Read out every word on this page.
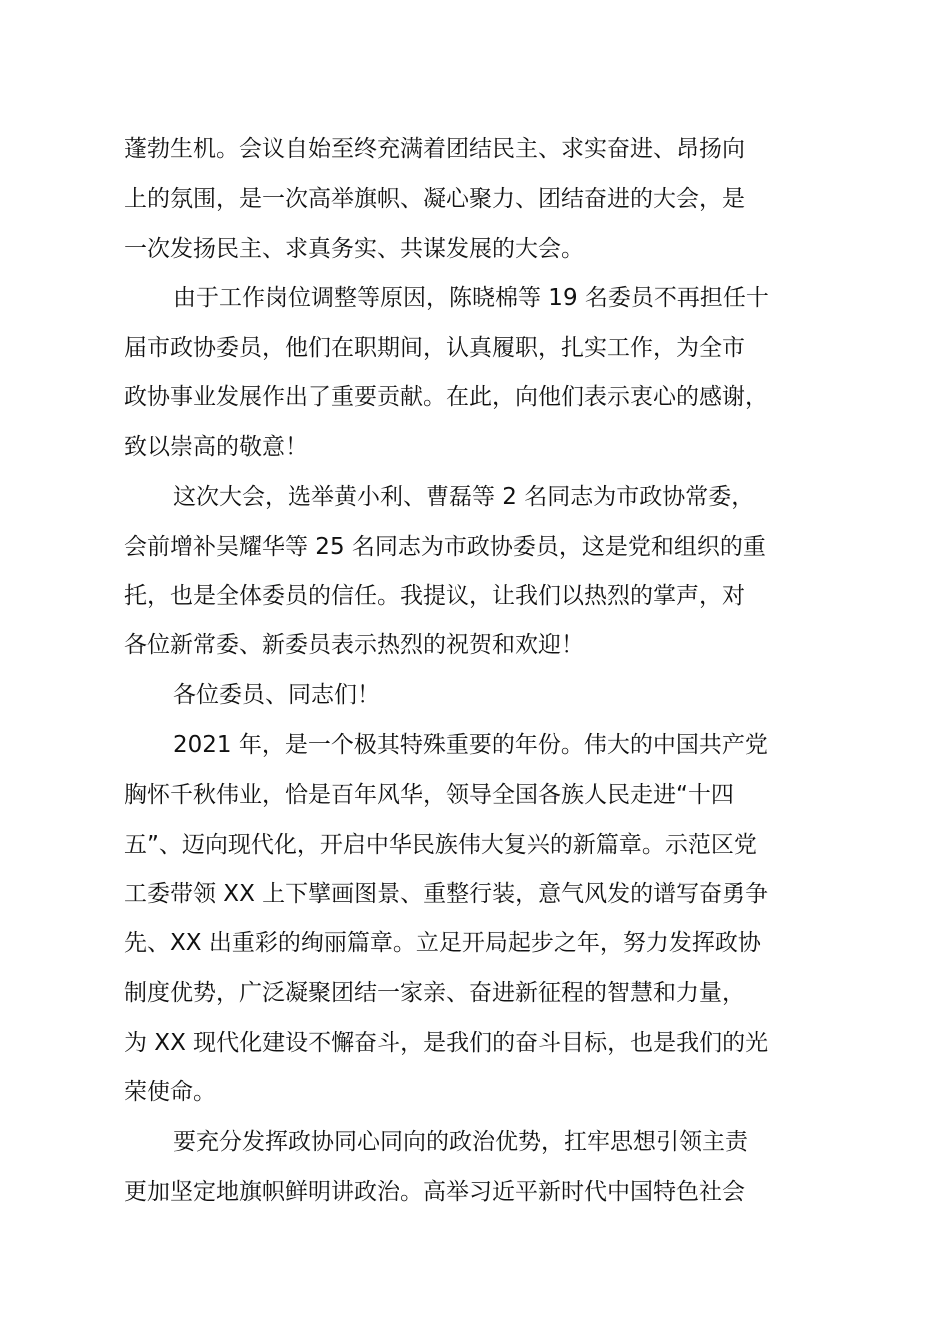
蓬勃生机。会议自始至终充满着团结民主、求实奋进、昂扬向
上的氛围，是一次高举旗帜、凝心聚力、团结奋进的大会，是
一次发扬民主、求真务实、共谋发展的大会。
由于工作岗位调整等原因，陈晓棉等 19 名委员不再担任十
届市政协委员，他们在职期间，认真履职，扎实工作，为全市
政协事业发展作出了重要贡献。在此，向他们表示衷心的感谢，
致以崇高的敬意！
这次大会，选举黄小利、曹磊等 2 名同志为市政协常委，
会前增补吴耀华等 25 名同志为市政协委员，这是党和组织的重
托，也是全体委员的信任。我提议，让我们以热烈的掌声，对
各位新常委、新委员表示热烈的祝贺和欢迎！
各位委员、同志们！
2021 年，是一个极其特殊重要的年份。伟大的中国共产党
胸怀千秋伟业，恰是百年风华，领导全国各族人民走进“十四
五”、迈向现代化，开启中华民族伟大复兴的新篇章。示范区党
工委带领 XX 上下擘画图景、重整行装，意气风发的谱写奋勇争
先、XX 出重彩的绚丽篇章。立足开局起步之年，努力发挥政协
制度优势，广泛凝聚团结一家亲、奋进新征程的智慧和力量，
为 XX 现代化建设不懈奋斗，是我们的奋斗目标，也是我们的光
荣使命。
要充分发挥政协同心同向的政治优势，扛牢思想引领主责
更加坚定地旗帜鲜明讲政治。高举习近平新时代中国特色社会
